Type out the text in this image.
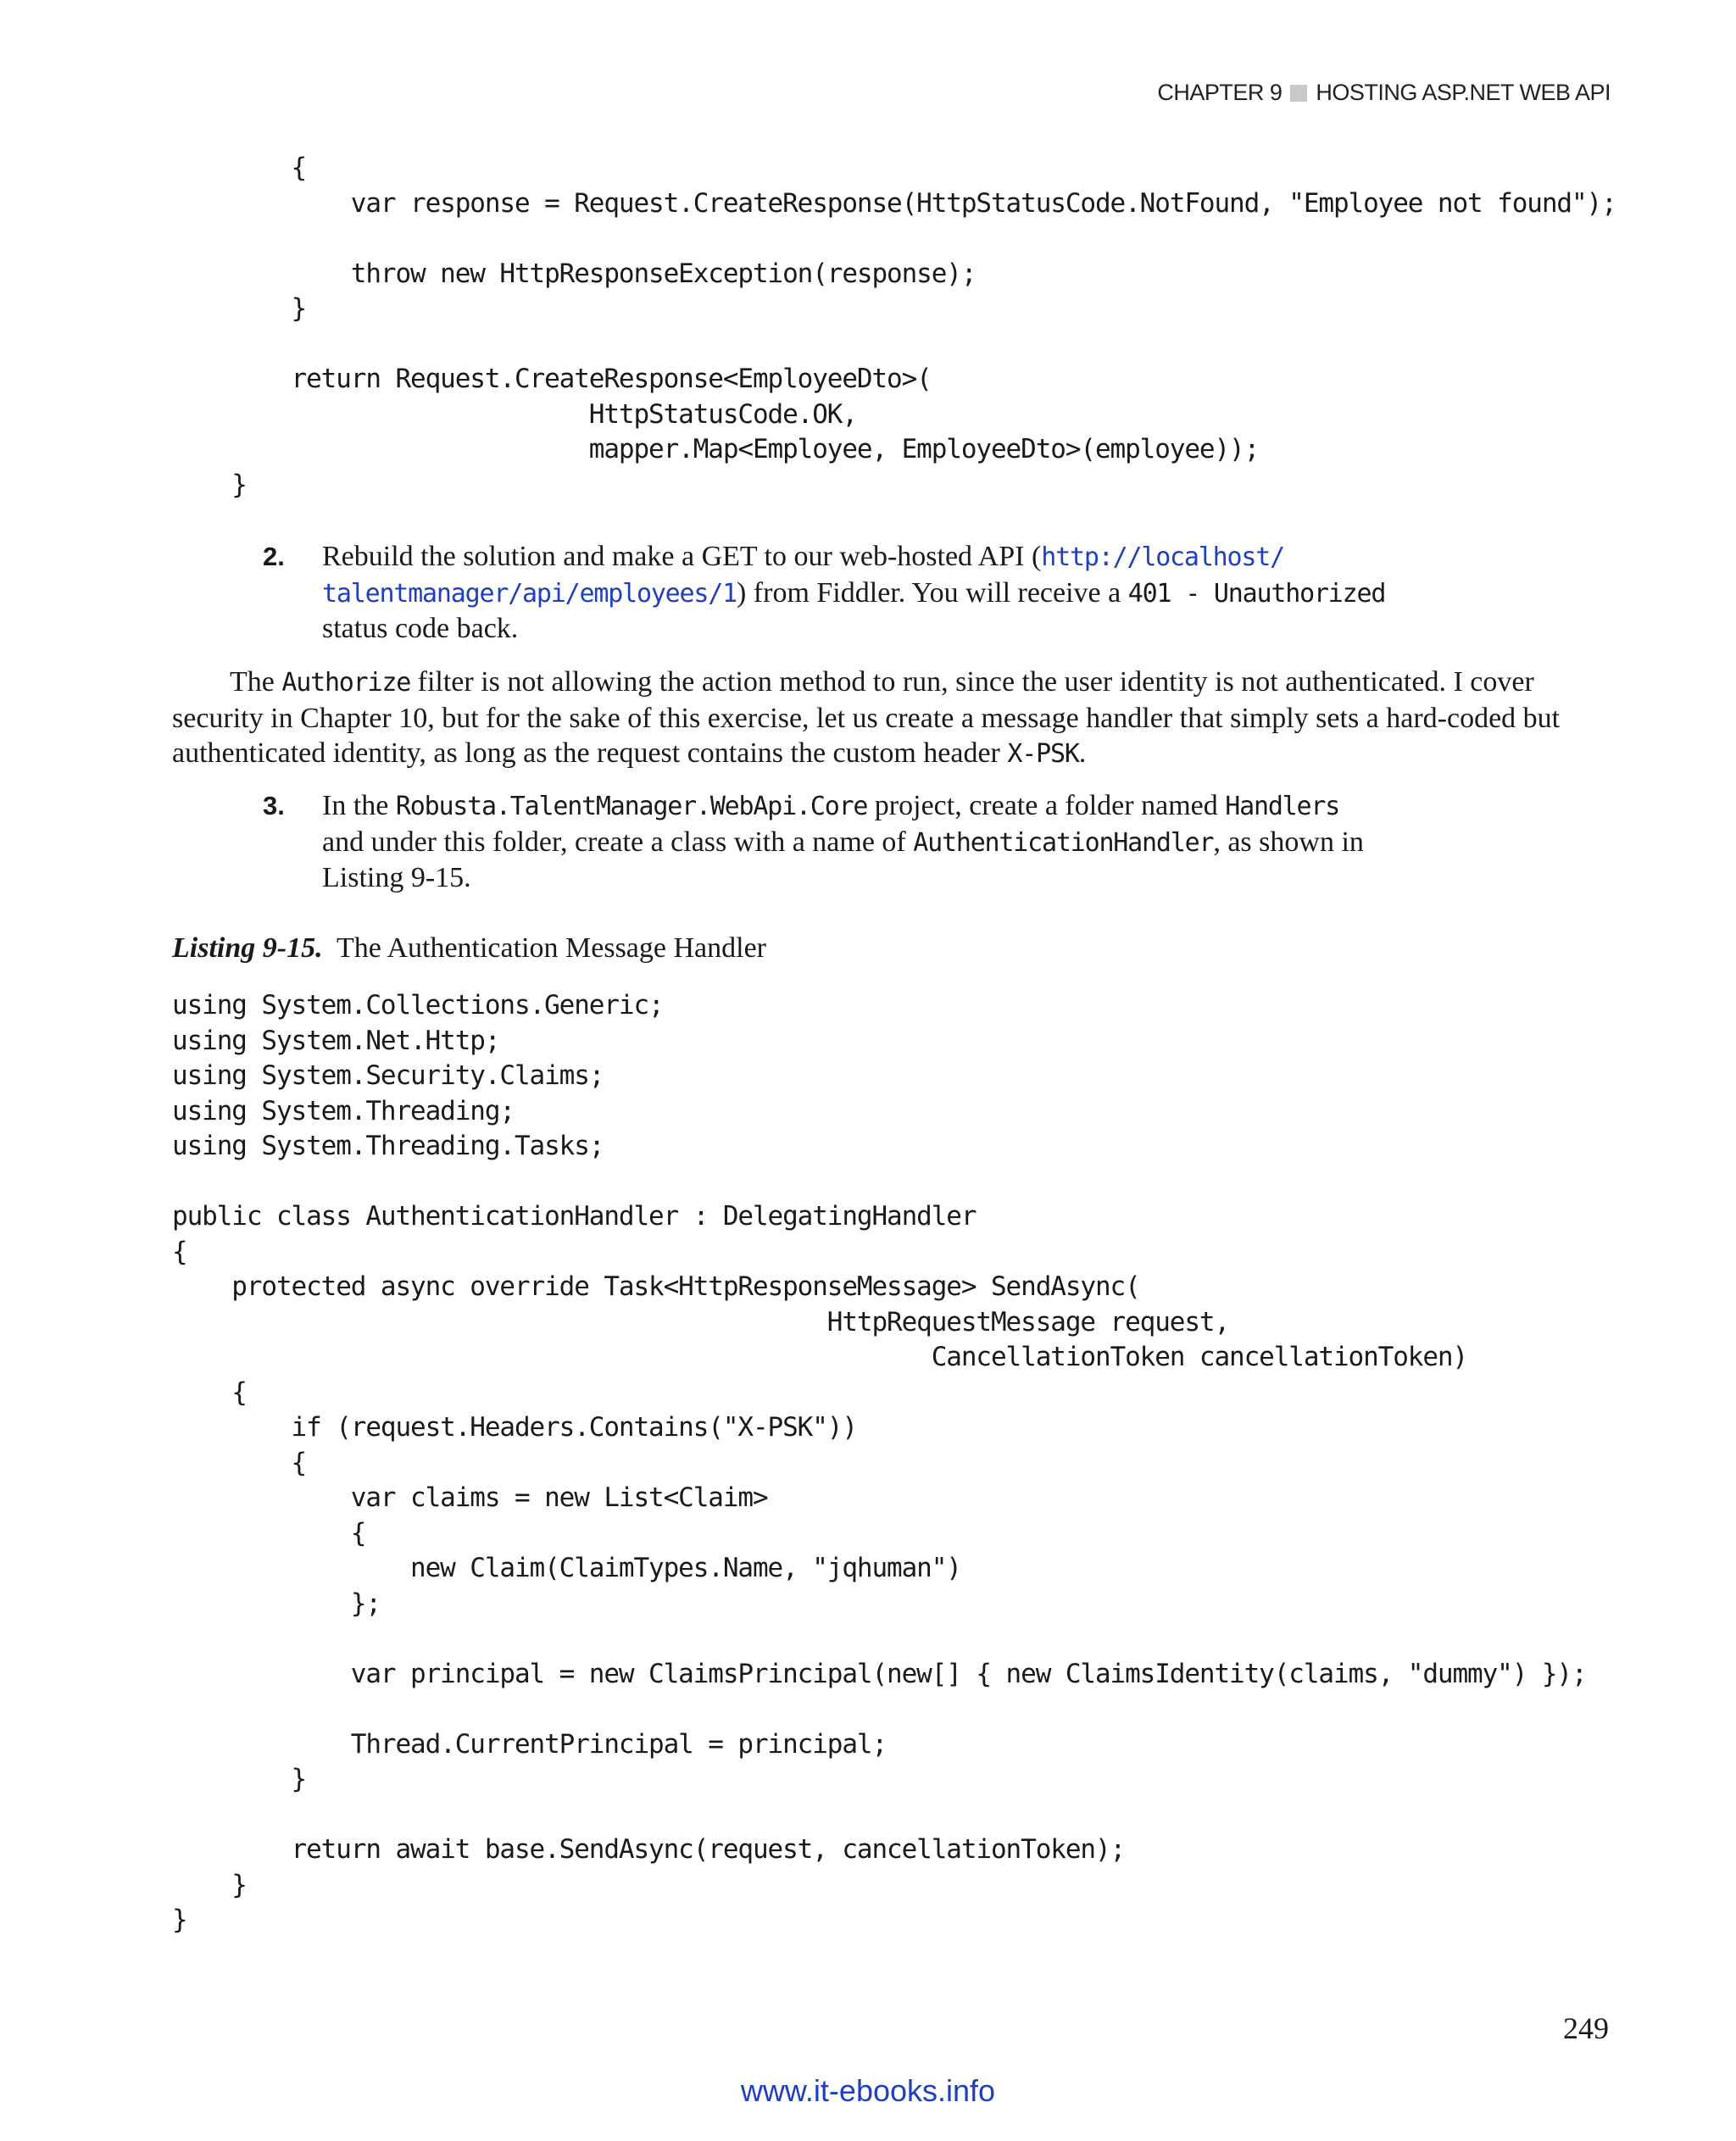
CHAPTER 9 HOSTING ASP.NET WEB API
{
var response = Request.CreateResponse(HttpStatusCode.NotFound, "Employee not found");

throw new HttpResponseException(response);
}

return Request.CreateResponse<EmployeeDto>(
HttpStatusCode.OK,
mapper.Map<Employee, EmployeeDto>(employee));
}
2. Rebuild the solution and make a GET to our web-hosted API (http://localhost/
talentmanager/api/employees/1) from Fiddler. You will receive a 401 - Unauthorized
status code back.
The Authorize filter is not allowing the action method to run, since the user identity is not authenticated. I cover security in Chapter 10, but for the sake of this exercise, let us create a message handler that simply sets a hard-coded but authenticated identity, as long as the request contains the custom header X-PSK.
3. In the Robusta.TalentManager.WebApi.Core project, create a folder named Handlers
and under this folder, create a class with a name of AuthenticationHandler, as shown in
Listing 9-15.
Listing 9-15. The Authentication Message Handler
using System.Collections.Generic;
using System.Net.Http;
using System.Security.Claims;
using System.Threading;
using System.Threading.Tasks;

public class AuthenticationHandler : DelegatingHandler
{
protected async override Task<HttpResponseMessage> SendAsync(
HttpRequestMessage request,
CancellationToken cancellationToken)
{
if (request.Headers.Contains("X-PSK"))
{
var claims = new List<Claim>
{
new Claim(ClaimTypes.Name, "jqhuman")
};

var principal = new ClaimsPrincipal(new[] { new ClaimsIdentity(claims, "dummy") });

Thread.CurrentPrincipal = principal;
}

return await base.SendAsync(request, cancellationToken);
}
}
249
www.it-ebooks.info
